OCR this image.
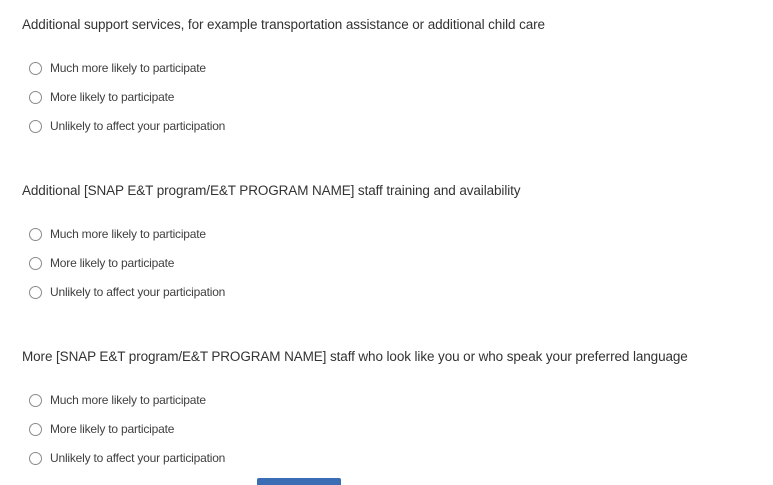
Additional support services, for example transportation assistance or additional child care
Much more likely to participate
More likely to participate
Unlikely to affect your participation
Additional [SNAP E&T program/E&T PROGRAM NAME] staff training and availability
Much more likely to participate
More likely to participate
Unlikely to affect your participation
More [SNAP E&T program/E&T PROGRAM NAME] staff who look like you or who speak your preferred language
Much more likely to participate
More likely to participate
Unlikely to affect your participation
